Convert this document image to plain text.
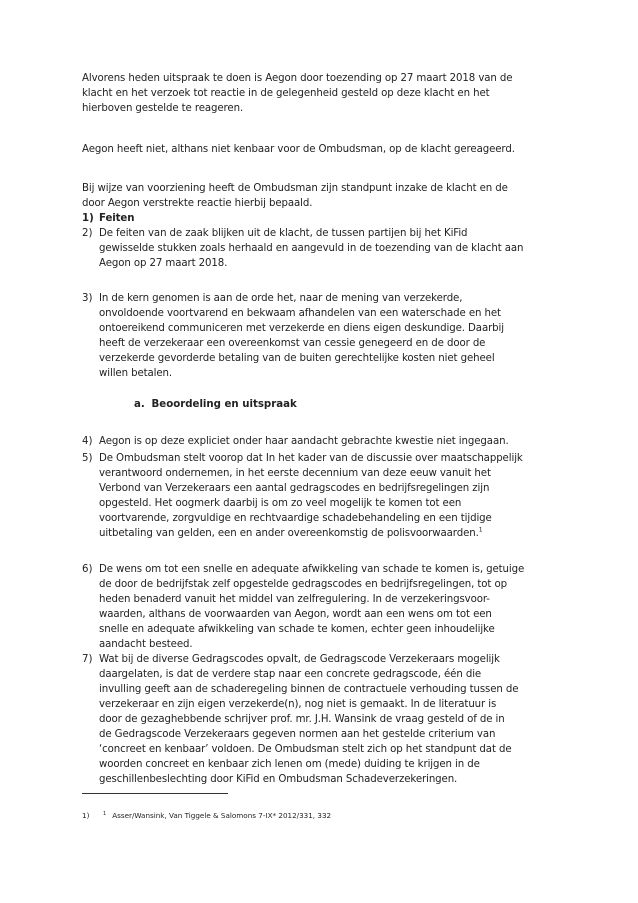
Alvorens heden uitspraak te doen is Aegon door toezending op 27 maart 2018 van de
klacht en het verzoek tot reactie in de gelegenheid gesteld op deze klacht en het
hierboven gestelde te reageren.
Aegon heeft niet, althans niet kenbaar voor de Ombudsman, op de klacht gereageerd.
Bij wijze van voorziening heeft de Ombudsman zijn standpunt inzake de klacht en de
door Aegon verstrekte reactie hierbij bepaald.
1) Feiten
2) De feiten van de zaak blijken uit de klacht, de tussen partijen bij het KiFid
gewisselde stukken zoals herhaald en aangevuld in de toezending van de klacht aan
Aegon op 27 maart 2018.
3) In de kern genomen is aan de orde het, naar de mening van verzekerde,
onvoldoende voortvarend en bekwaam afhandelen van een waterschade en het
ontoereikend communiceren met verzekerde en diens eigen deskundige. Daarbij
heeft de verzekeraar een overeenkomst van cessie genegeerd en de door de
verzekerde gevorderde betaling van de buiten gerechtelijke kosten niet geheel
willen betalen.
a. Beoordeling en uitspraak
4) Aegon is op deze expliciet onder haar aandacht gebrachte kwestie niet ingegaan.
5) De Ombudsman stelt voorop dat In het kader van de discussie over maatschappelijk
verantwoord ondernemen, in het eerste decennium van deze eeuw vanuit het
Verbond van Verzekeraars een aantal gedragscodes en bedrijfsregelingen zijn
opgesteld. Het oogmerk daarbij is om zo veel mogelijk te komen tot een
voortvarende, zorgvuldige en rechtvaardige schadebehandeling en een tijdige
uitbetaling van gelden, een en ander overeenkomstig de polisvoorwaarden.$^1$
6) De wens om tot een snelle en adequate afwikkeling van schade te komen is, getuige
de door de bedrijfstak zelf opgestelde gedragscodes en bedrijfsregelingen, tot op
heden benaderd vanuit het middel van zelfregulering. In de verzekeringsvoor-
waarden, althans de voorwaarden van Aegon, wordt aan een wens om tot een
snelle en adequate afwikkeling van schade te komen, echter geen inhoudelijke
aandacht besteed.
7) Wat bij de diverse Gedragscodes opvalt, de Gedragscode Verzekeraars mogelijk
daargelaten, is dat de verdere stap naar een concrete gedragscode, één die
invulling geeft aan de schaderegeling binnen de contractuele verhouding tussen de
verzekeraar en zijn eigen verzekerde(n), nog niet is gemaakt. In de literatuur is
door de gezaghebbende schrijver prof. mr. J.H. Wansink de vraag gesteld of de in
de Gedragscode Verzekeraars gegeven normen aan het gestelde criterium van
‘concreet en kenbaar’ voldoen. De Ombudsman stelt zich op het standpunt dat de
woorden concreet en kenbaar zich lenen om (mede) duiding te krijgen in de
geschillenbeslechting door KiFid en Ombudsman Schadeverzekeringen.
1)	$^1$ Asser/Wansink, Van Tiggele & Salomons 7-IX* 2012/331, 332
